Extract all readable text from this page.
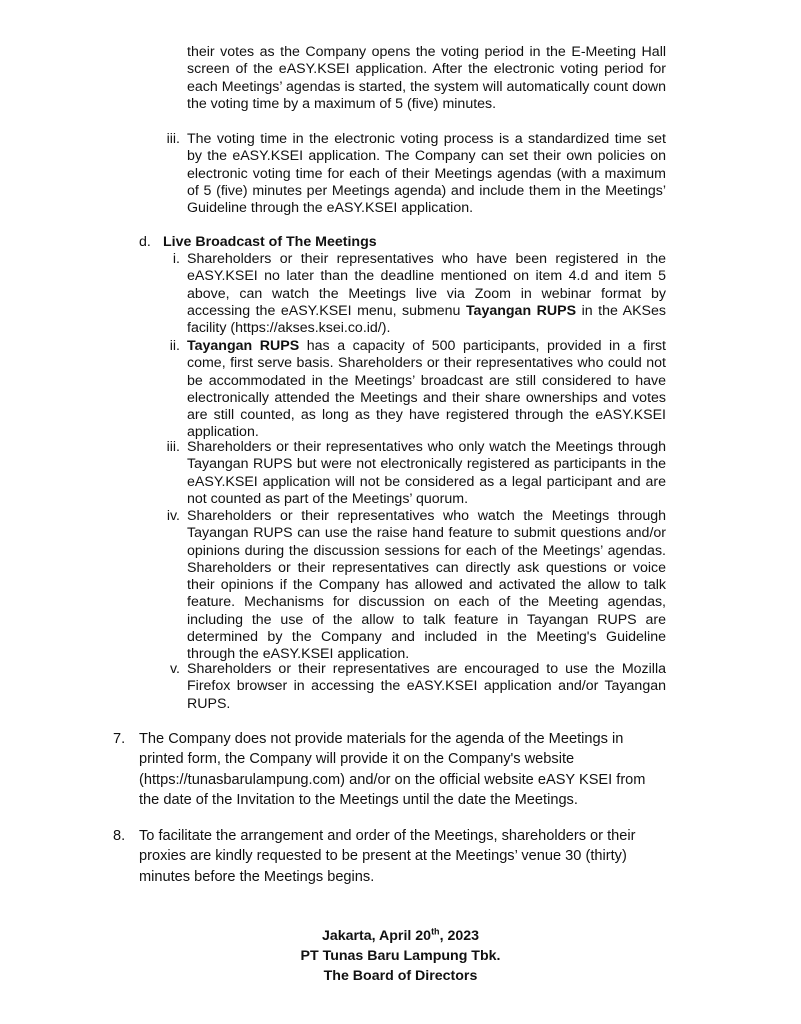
their votes as the Company opens the voting period in the E-Meeting Hall screen of the eASY.KSEI application. After the electronic voting period for each Meetings’ agendas is started, the system will automatically count down the voting time by a maximum of 5 (five) minutes.

iii. The voting time in the electronic voting process is a standardized time set by the eASY.KSEI application. The Company can set their own policies on electronic voting time for each of their Meetings agendas (with a maximum of 5 (five) minutes per Meetings agenda) and include them in the Meetings’ Guideline through the eASY.KSEI application.

d. Live Broadcast of The Meetings

i. Shareholders or their representatives who have been registered in the eASY.KSEI no later than the deadline mentioned on item 4.d and item 5 above, can watch the Meetings live via Zoom in webinar format by accessing the eASY.KSEI menu, submenu Tayangan RUPS in the AKSes facility (https://akses.ksei.co.id/).

ii. Tayangan RUPS has a capacity of 500 participants, provided in a first come, first serve basis. Shareholders or their representatives who could not be accommodated in the Meetings’ broadcast are still considered to have electronically attended the Meetings and their share ownerships and votes are still counted, as long as they have registered through the eASY.KSEI application.

iii. Shareholders or their representatives who only watch the Meetings through Tayangan RUPS but were not electronically registered as participants in the eASY.KSEI application will not be considered as a legal participant and are not counted as part of the Meetings’ quorum.

iv. Shareholders or their representatives who watch the Meetings through Tayangan RUPS can use the raise hand feature to submit questions and/or opinions during the discussion sessions for each of the Meetings’ agendas. Shareholders or their representatives can directly ask questions or voice their opinions if the Company has allowed and activated the allow to talk feature. Mechanisms for discussion on each of the Meeting agendas, including the use of the allow to talk feature in Tayangan RUPS are determined by the Company and included in the Meeting's Guideline through the eASY.KSEI application.

v. Shareholders or their representatives are encouraged to use the Mozilla Firefox browser in accessing the eASY.KSEI application and/or Tayangan RUPS.

7. The Company does not provide materials for the agenda of the Meetings in printed form, the Company will provide it on the Company's website (https://tunasbarulampung.com) and/or on the official website eASY KSEI from the date of the Invitation to the Meetings until the date the Meetings.

8. To facilitate the arrangement and order of the Meetings, shareholders or their proxies are kindly requested to be present at the Meetings’ venue 30 (thirty) minutes before the Meetings begins.

Jakarta, April 20th, 2023

PT Tunas Baru Lampung Tbk.

The Board of Directors
